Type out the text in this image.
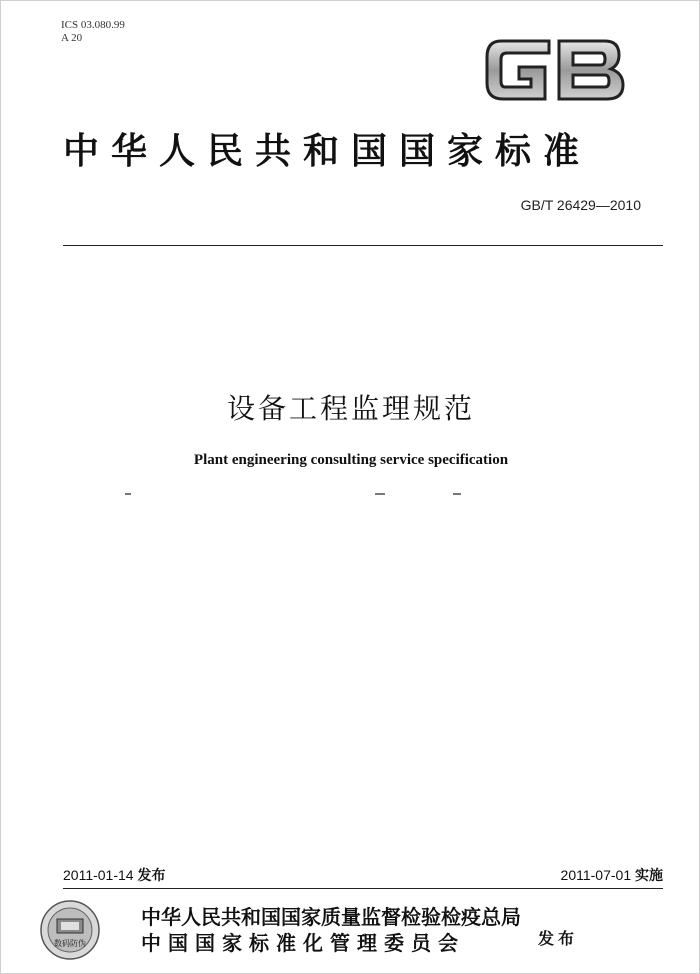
ICS 03.080.99
A 20
中华人民共和国国家标准
GB/T 26429—2010
设备工程监理规范
Plant engineering consulting service specification
2011-01-14 发布	2011-07-01 实施
数码防伪
中华人民共和国国家质量监督检验检疫总局
中国国家标准化管理委员会	发布
